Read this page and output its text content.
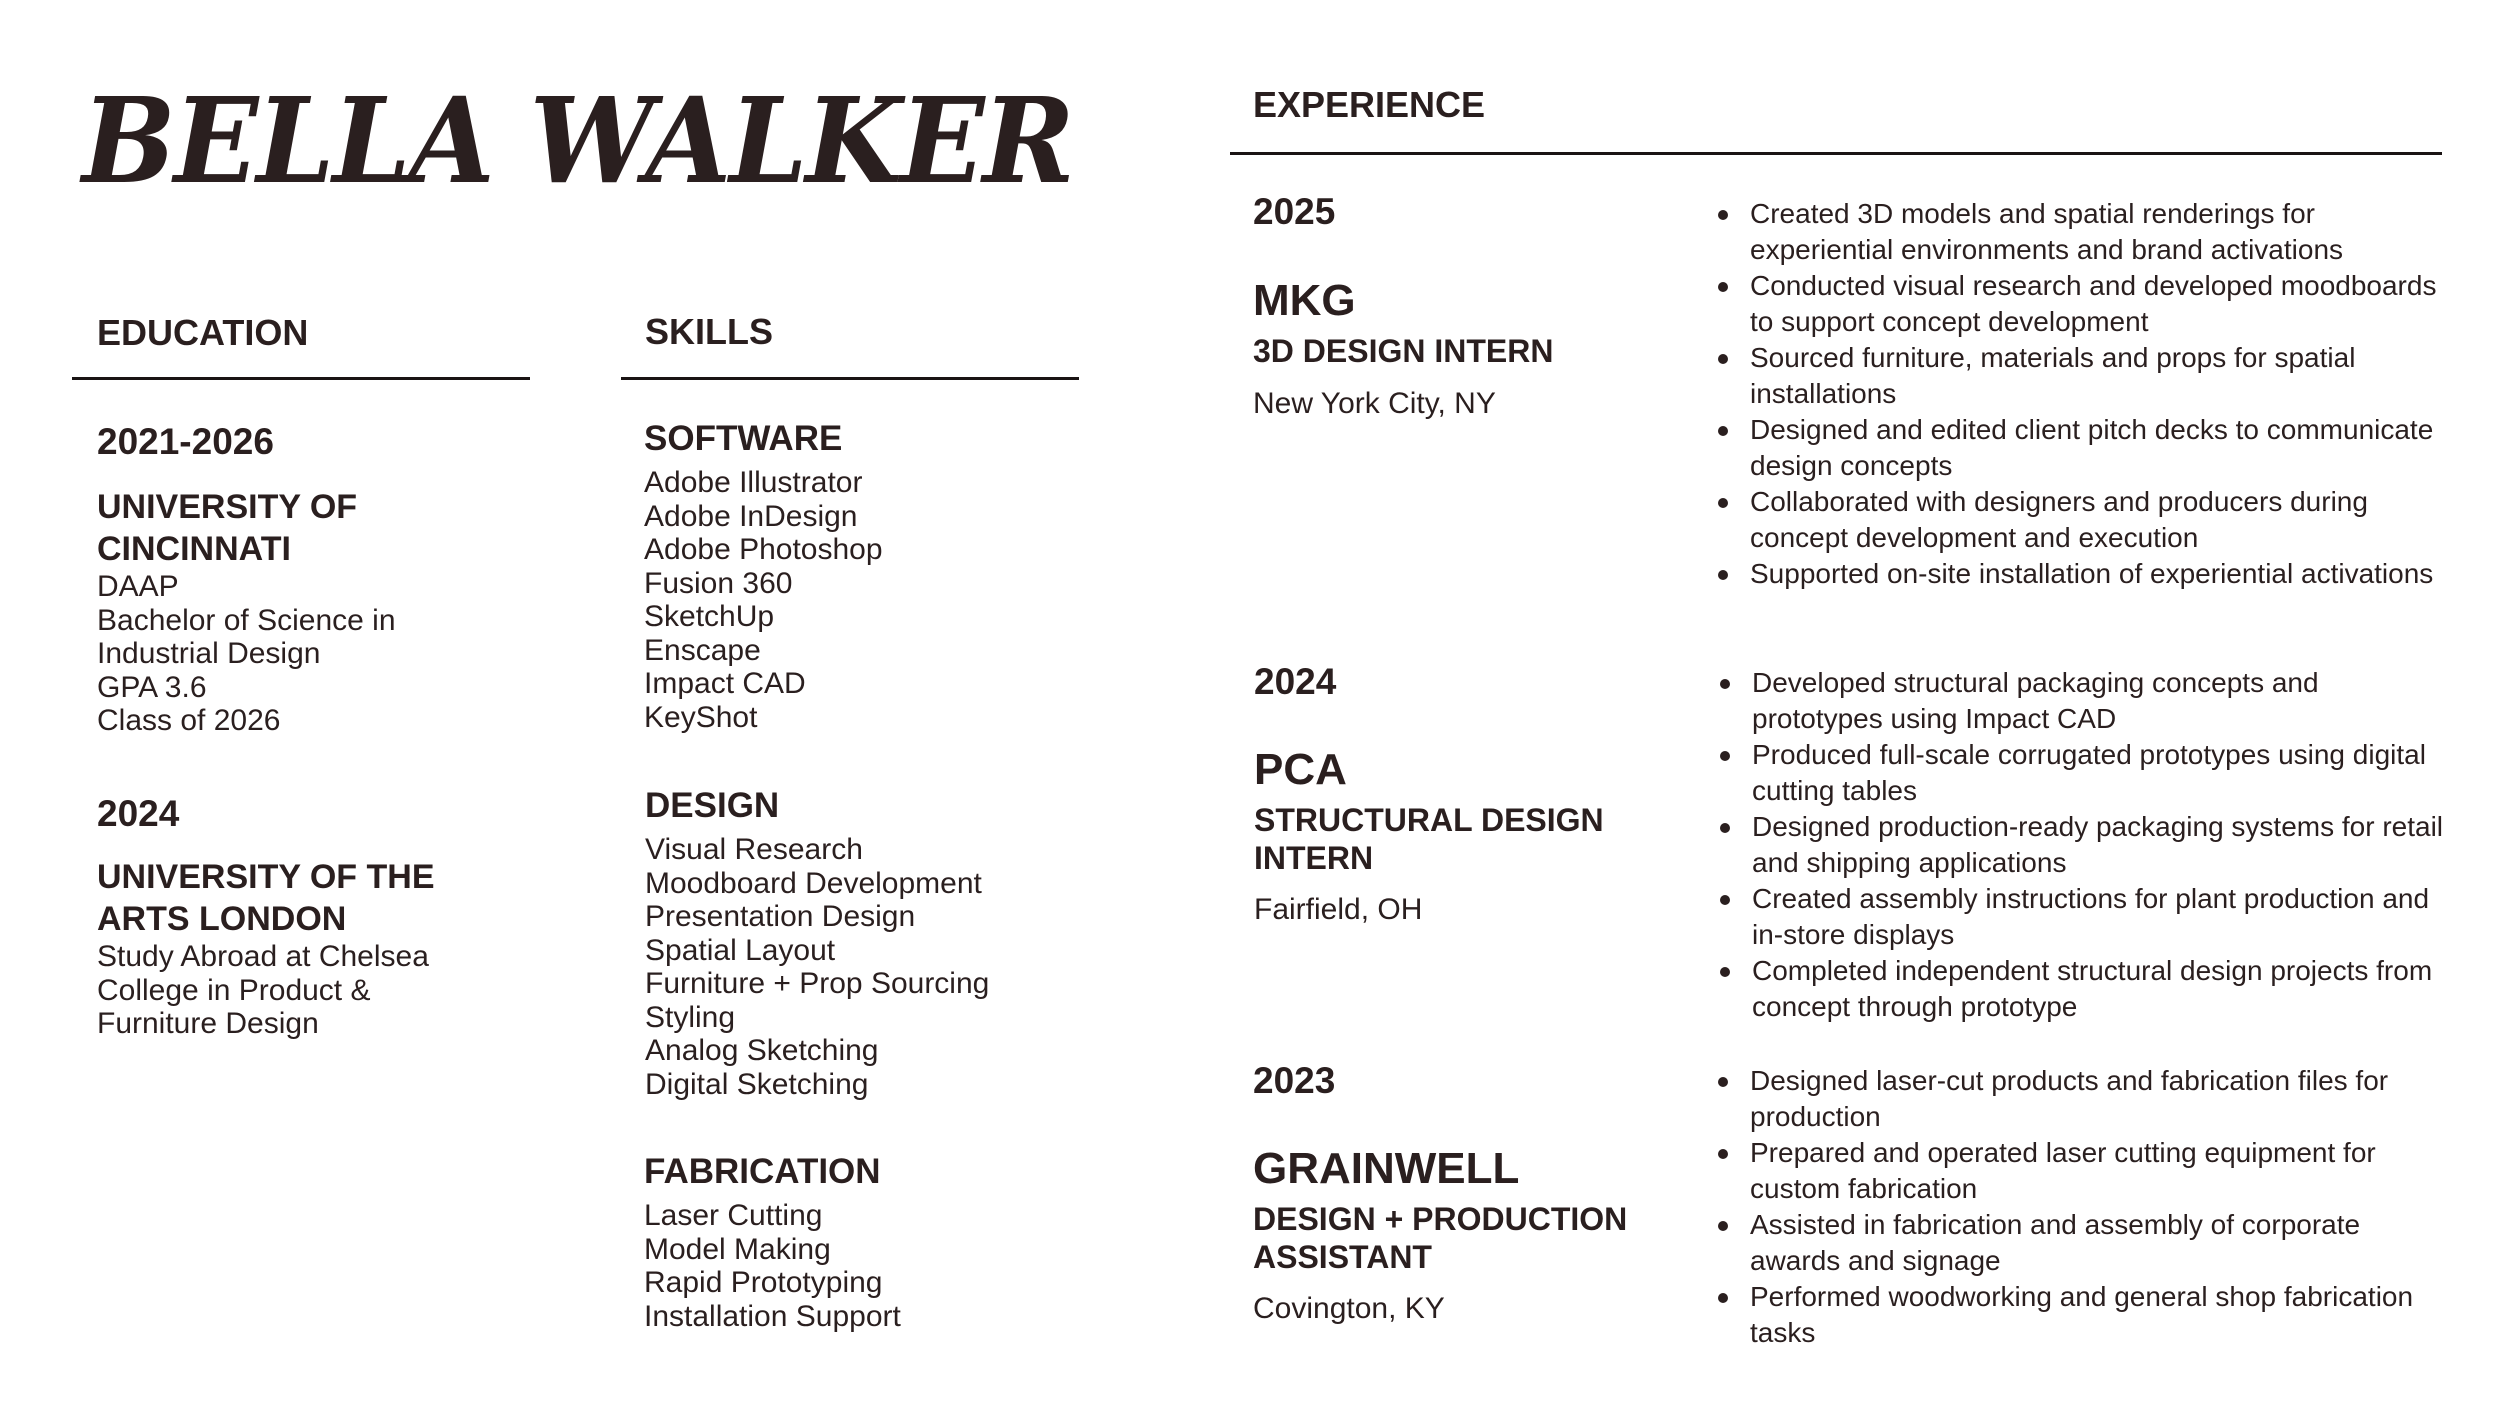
BELLA WALKER
EDUCATION

2021-2026

UNIVERSITY OF CINCINNATI

DAAP

Bachelor of Science in

Industrial Design

GPA 3.6

Class of 2026

2024

UNIVERSITY OF THE ARTS LONDON

Study Abroad at Chelsea

College in Product &

Furniture Design

SKILLS

SOFTWARE

Adobe Illustrator
Adobe InDesign
Adobe Photoshop
Fusion 360
SketchUp
Enscape
Impact CAD
KeyShot

DESIGN

Visual Research
Moodboard Development
Presentation Design
Spatial Layout
Furniture + Prop Sourcing
Styling
Analog Sketching
Digital Sketching

FABRICATION

Laser Cutting
Model Making
Rapid Prototyping
Installation Support
EXPERIENCE

2025

MKG

3D DESIGN INTERN

New York City, NY

Created 3D models and spatial renderings for experiential environments and brand activations
Conducted visual research and developed moodboards to support concept development
Sourced furniture, materials and props for spatial installations
Designed and edited client pitch decks to communicate design concepts
Collaborated with designers and producers during concept development and execution
Supported on-site installation of experiential activations

2024

PCA

STRUCTURAL DESIGN INTERN

Fairfield, OH

Developed structural packaging concepts and prototypes using Impact CAD
Produced full-scale corrugated prototypes using digital cutting tables
Designed production-ready packaging systems for retail and shipping applications
Created assembly instructions for plant production and in-store displays
Completed independent structural design projects from concept through prototype

2023

GRAINWELL

DESIGN + PRODUCTION ASSISTANT

Covington, KY

Designed laser-cut products and fabrication files for production
Prepared and operated laser cutting equipment for custom fabrication
Assisted in fabrication and assembly of corporate awards and signage
Performed woodworking and general shop fabrication tasks
